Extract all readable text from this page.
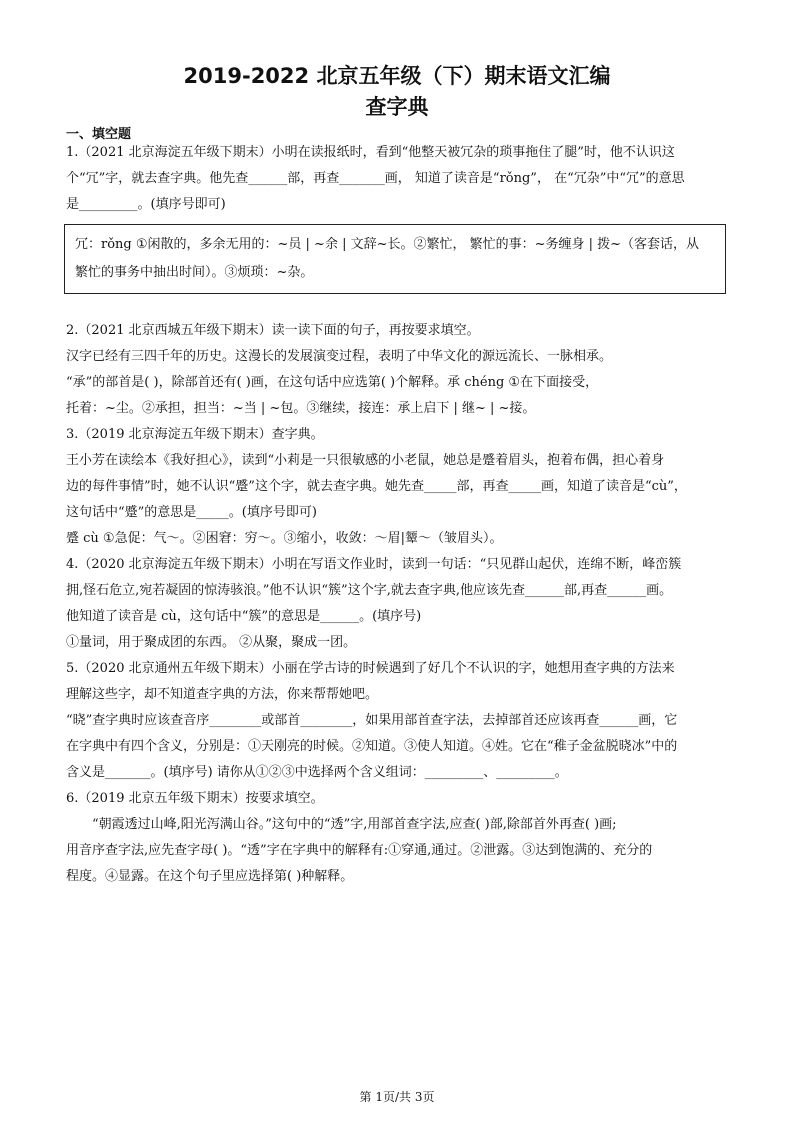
2019-2022 北京五年级（下）期末语文汇编
查字典
一、填空题
1.（2021 北京海淀五年级下期末）小明在读报纸时，看到“他整天被冗杂的琐事拖住了腿”时，他不认识这
个“冗”字，就去查字典。他先查______部，再查_______画， 知道了读音是“rǒng”， 在“冗杂”中“冗”的意思
是_________。(填序号即可)
冗：rǒng ①闲散的，多余无用的：~员 | ~余 | 文辞~长。②繁忙， 繁忙的事：~务缠身 | 拨~（客套话，从
繁忙的事务中抽出时间）。③烦琐：~杂。
2.（2021 北京西城五年级下期末）读一读下面的句子，再按要求填空。
汉字已经有三四千年的历史。这漫长的发展演变过程，表明了中华文化的源远流长、一脉相承。
“承”的部首是( )，除部首还有( )画，在这句话中应选第( )个解释。承 chéng ①在下面接受，
托着：~尘。②承担，担当：~当 | ~包。③继续，接连：承上启下 | 继~ | ~接。
3.（2019 北京海淀五年级下期末）查字典。
王小芳在读绘本《我好担心》，读到“小莉是一只很敏感的小老鼠，她总是蹙着眉头，抱着布偶，担心着身
边的每件事情”时，她不认识“蹙”这个字，就去查字典。她先查_____部，再查_____画，知道了读音是“cù”，
这句话中“蹙”的意思是_____。(填序号即可)
蹙 cù ①急促：气～。②困窘：穷～。③缩小，收敛：～眉|颦～（皱眉头）。
4.（2020 北京海淀五年级下期末）小明在写语文作业时，读到一句话：“只见群山起伏，连绵不断，峰峦簇
拥,怪石危立,宛若凝固的惊涛骇浪。”他不认识“簇”这个字,就去查字典,他应该先查______部,再查______画。
他知道了读音是 cù，这句话中“簇”的意思是______。(填序号)
①量词，用于聚成团的东西。 ②从聚，聚成一团。
5.（2020 北京通州五年级下期末）小丽在学古诗的时候遇到了好几个不认识的字，她想用查字典的方法来
理解这些字，却不知道查字典的方法，你来帮帮她吧。
“晓”查字典时应该查音序________或部首________，如果用部首查字法，去掉部首还应该再查______画，它
在字典中有四个含义，分别是：①天刚亮的时候。②知道。③使人知道。④姓。它在“稚子金盆脱晓冰”中的
含义是_______。(填序号) 请你从①②③中选择两个含义组词：_________、_________。
6.（2019 北京五年级下期末）按要求填空。
“朝霞透过山峰,阳光泻满山谷。”这句中的“透”字,用部首查字法,应查( )部,除部首外再查( )画;
用音序查字法,应先查字母( )。“透”字在字典中的解释有:①穿通,通过。②泄露。③达到饱满的、充分的
程度。④显露。在这个句子里应选择第( )种解释。
第 1页/共 3页
